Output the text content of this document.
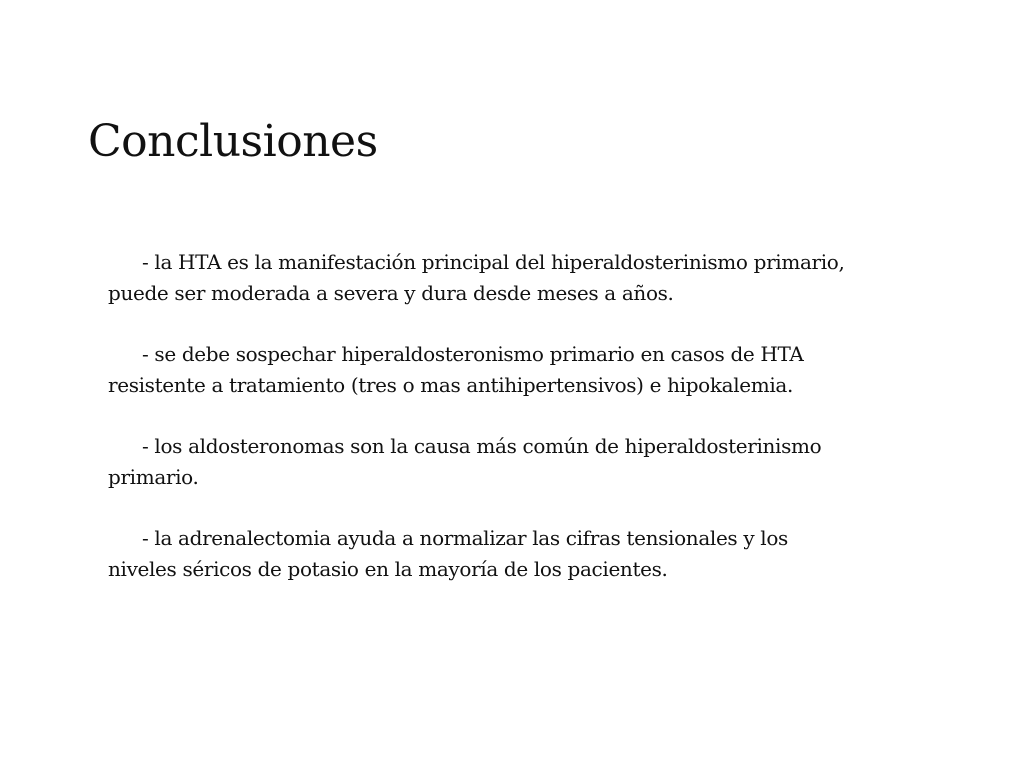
Conclusiones

- la HTA es la manifestación principal del hiperaldosterinismo primario,
puede ser moderada a severa y dura desde meses a años.

- se debe sospechar hiperaldosteronismo primario en casos de HTA
resistente a tratamiento (tres o mas antihipertensivos) e hipokalemia.

- los aldosteronomas son la causa más común de hiperaldosterinismo
primario.

- la adrenalectomia ayuda a normalizar las cifras tensionales y los
niveles séricos de potasio en la mayoría de los pacientes.
